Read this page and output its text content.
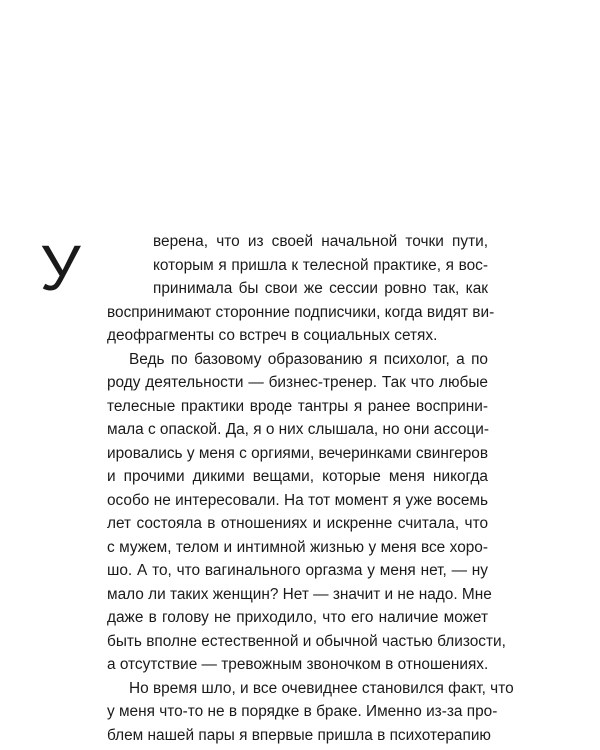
У	верена, что из своей начальной точки пути,
которым я пришла к телесной практике, я вос-
принимала бы свои же сессии ровно так, как
воспринимают сторонние подписчики, когда видят ви-
деофрагменты со встреч в социальных сетях.
Ведь по базовому образованию я психолог, а по
роду деятельности — бизнес-тренер. Так что любые
телесные практики вроде тантры я ранее восприни-
мала с опаской. Да, я о них слышала, но они ассоци-
ировались у меня с оргиями, вечеринками свингеров
и прочими дикими вещами, которые меня никогда
особо не интересовали. На тот момент я уже восемь
лет состояла в отношениях и искренне считала, что
с мужем, телом и интимной жизнью у меня все хоро-
шо. А то, что вагинального оргазма у меня нет, — ну
мало ли таких женщин? Нет — значит и не надо. Мне
даже в голову не приходило, что его наличие может
быть вполне естественной и обычной частью близости,
а отсутствие — тревожным звоночком в отношениях.
Но время шло, и все очевиднее становился факт, что
у меня что-то не в порядке в браке. Именно из-за про-
блем нашей пары я впервые пришла в психотерапию
